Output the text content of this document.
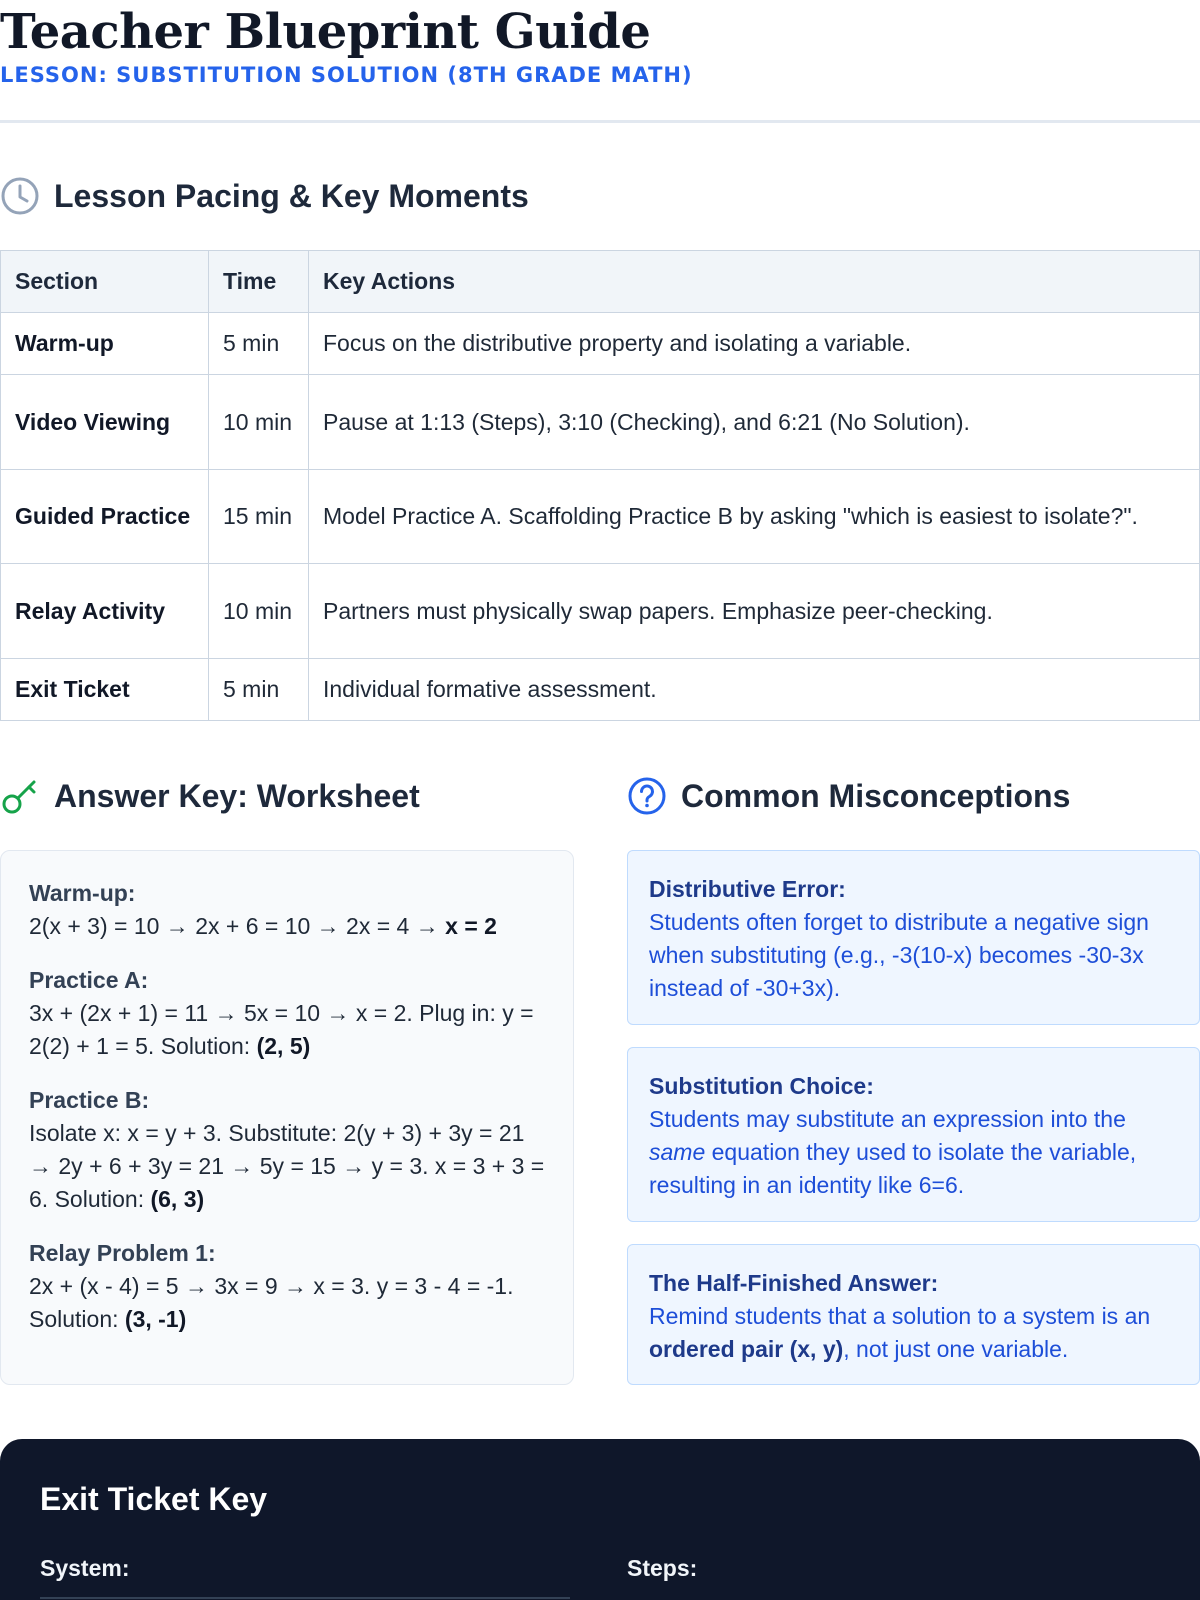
Teacher Blueprint Guide
LESSON: SUBSTITUTION SOLUTION (8TH GRADE MATH)
Lesson Pacing & Key Moments
Section	Time	Key Actions
Warm-up	5 min	Focus on the distributive property and isolating a variable.
Video Viewing	10 min	Pause at 1:13 (Steps), 3:10 (Checking), and 6:21 (No Solution).
Guided Practice	15 min	Model Practice A. Scaffolding Practice B by asking "which is easiest to isolate?".
Relay Activity	10 min	Partners must physically swap papers. Emphasize peer-checking.
Exit Ticket	5 min	Individual formative assessment.
Answer Key: Worksheet
Warm-up:
2(x + 3) = 10 → 2x + 6 = 10 → 2x = 4 → x = 2
Practice A:
3x + (2x + 1) = 11 → 5x = 10 → x = 2. Plug in: y = 2(2) + 1 = 5. Solution: (2, 5)
Practice B:
Isolate x: x = y + 3. Substitute: 2(y + 3) + 3y = 21 → 2y + 6 + 3y = 21 → 5y = 15 → y = 3. x = 3 + 3 = 6. Solution: (6, 3)
Relay Problem 1:
2x + (x - 4) = 5 → 3x = 9 → x = 3. y = 3 - 4 = -1. Solution: (3, -1)
Common Misconceptions
Distributive Error:
Students often forget to distribute a negative sign when substituting (e.g., -3(10-x) becomes -30-3x instead of -30+3x).
Substitution Choice:
Students may substitute an expression into the same equation they used to isolate the variable, resulting in an identity like 6=6.
The Half-Finished Answer:
Remind students that a solution to a system is an ordered pair (x, y), not just one variable.
Exit Ticket Key
System:	Steps:
